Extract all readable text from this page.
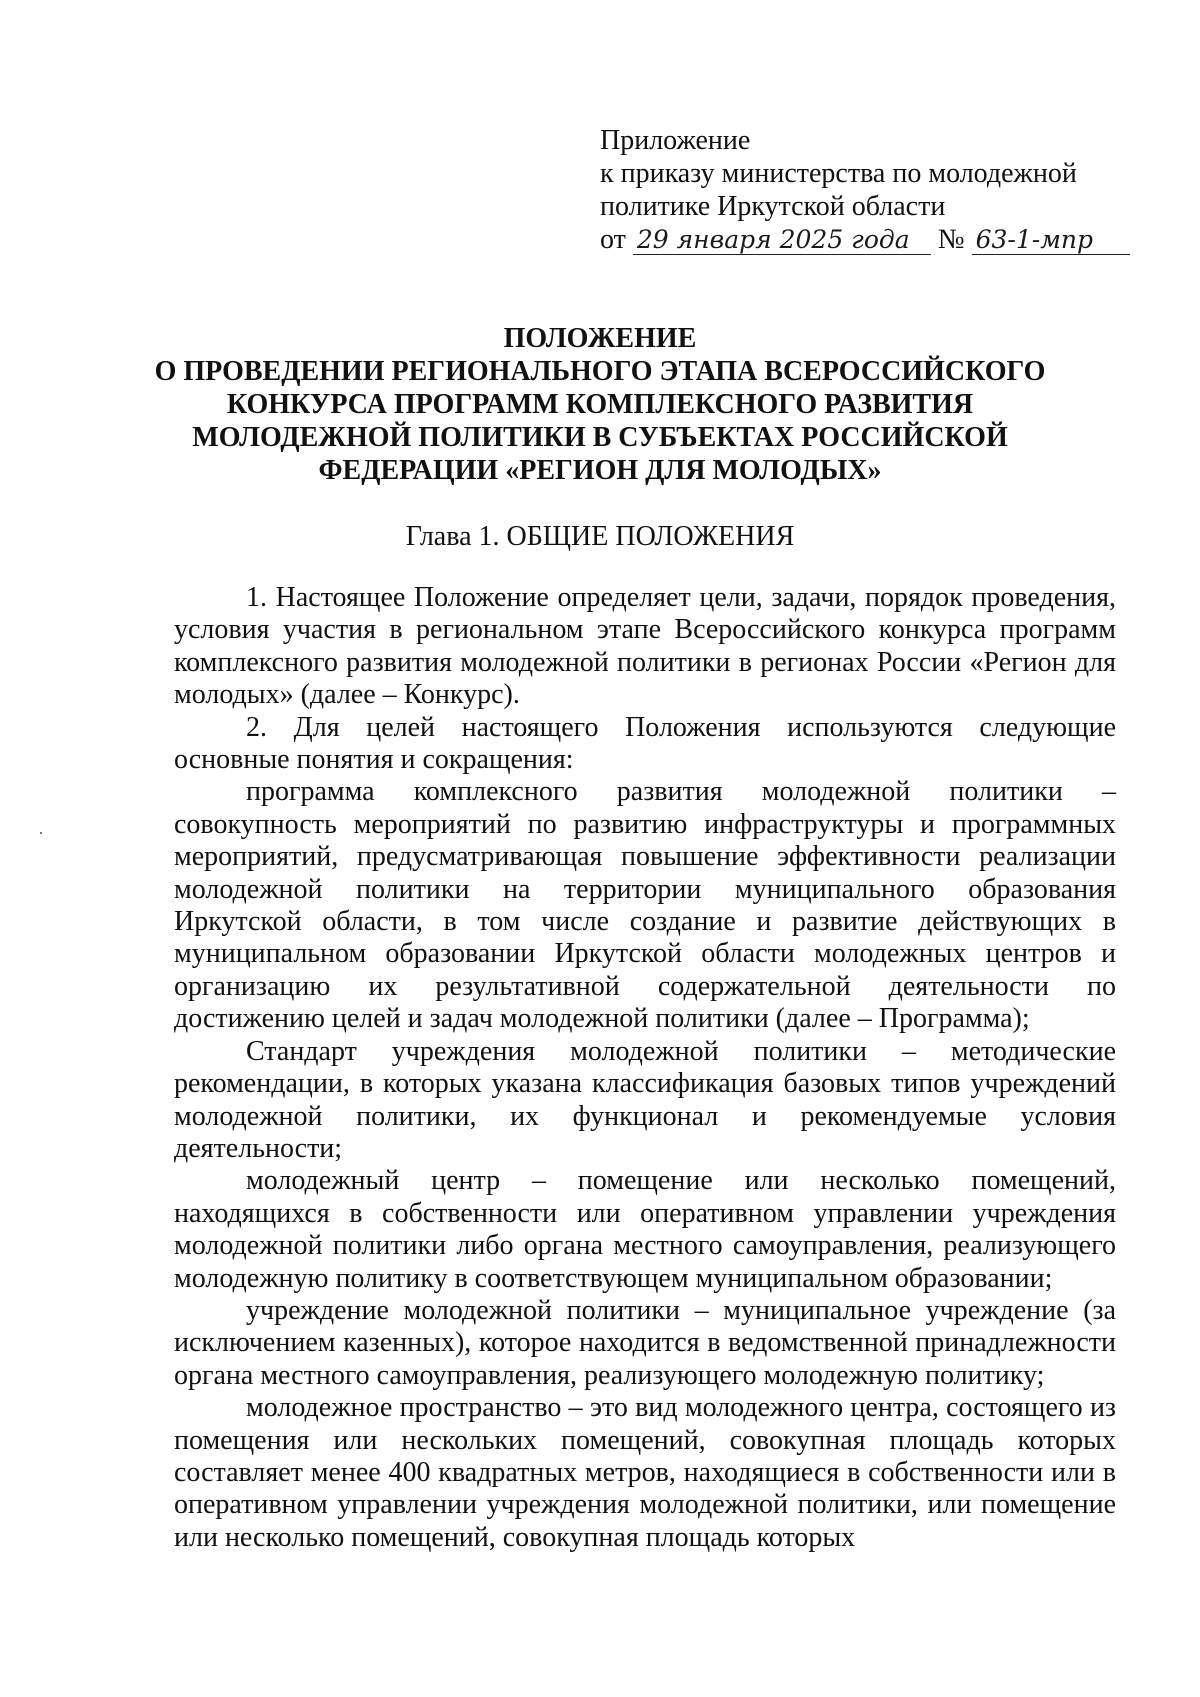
Приложение
к приказу министерства по молодежной
политике Иркутской области
от 29 января 2025 года № 63-1-мпр
ПОЛОЖЕНИЕ
О ПРОВЕДЕНИИ РЕГИОНАЛЬНОГО ЭТАПА ВСЕРОССИЙСКОГО
КОНКУРСА ПРОГРАММ КОМПЛЕКСНОГО РАЗВИТИЯ
МОЛОДЕЖНОЙ ПОЛИТИКИ В СУБЪЕКТАХ РОССИЙСКОЙ
ФЕДЕРАЦИИ «РЕГИОН ДЛЯ МОЛОДЫХ»
Глава 1. ОБЩИЕ ПОЛОЖЕНИЯ

1. Настоящее Положение определяет цели, задачи, порядок проведения, условия участия в региональном этапе Всероссийского конкурса программ комплексного развития молодежной политики в регионах России «Регион для молодых» (далее – Конкурс).

2. Для целей настоящего Положения используются следующие основные понятия и сокращения:

программа комплексного развития молодежной политики – совокупность мероприятий по развитию инфраструктуры и программных мероприятий, предусматривающая повышение эффективности реализации молодежной политики на территории муниципального образования Иркутской области, в том числе создание и развитие действующих в муниципальном образовании Иркутской области молодежных центров и организацию их результативной содержательной деятельности по достижению целей и задач молодежной политики (далее – Программа);

Стандарт учреждения молодежной политики – методические рекомендации, в которых указана классификация базовых типов учреждений молодежной политики, их функционал и рекомендуемые условия деятельности;

молодежный центр – помещение или несколько помещений, находящихся в собственности или оперативном управлении учреждения молодежной политики либо органа местного самоуправления, реализующего молодежную политику в соответствующем муниципальном образовании;

учреждение молодежной политики – муниципальное учреждение (за исключением казенных), которое находится в ведомственной принадлежности органа местного самоуправления, реализующего молодежную политику;

молодежное пространство – это вид молодежного центра, состоящего из помещения или нескольких помещений, совокупная площадь которых составляет менее 400 квадратных метров, находящиеся в собственности или в оперативном управлении учреждения молодежной политики, или помещение или несколько помещений, совокупная площадь которых
